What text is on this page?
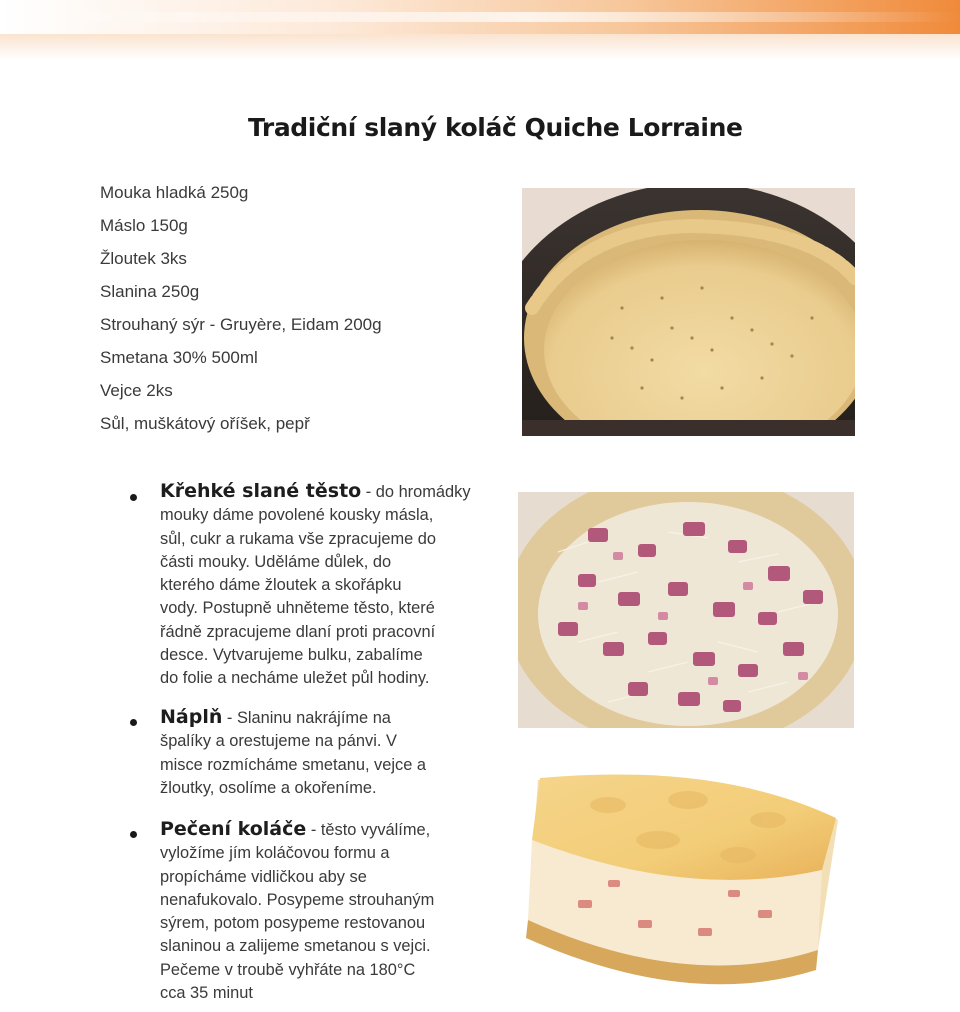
Tradiční slaný koláč Quiche Lorraine
Mouka hladká 250g
Máslo 150g
Žloutek 3ks
Slanina 250g
Strouhaný sýr - Gruyère, Eidam 200g
Smetana 30% 500ml
Vejce 2ks
Sůl, muškátový oříšek, pepř
Křehké slané těsto - do hromádky
mouky dáme povolené kousky másla,
sůl, cukr a rukama vše zpracujeme do
části mouky. Uděláme důlek, do
kterého dáme žloutek a skořápku
vody. Postupně uhněteme těsto, které
řádně zpracujeme dlaní proti pracovní
desce. Vytvarujeme bulku, zabalíme
do folie a necháme uležet půl hodiny.
Náplň - Slaninu nakrájíme na
špalíky a orestujeme na pánvi. V
misce rozmícháme smetanu, vejce a
žloutky, osolíme a okořeníme.
Pečení koláče - těsto vyválíme,
vyložíme jím koláčovou formu a
propícháme vidličkou aby se
nenafukovalo. Posypeme strouhaným
sýrem, potom posypeme restovanou
slaninou a zalijeme smetanou s vejci.
Pečeme v troubě vyhřáte na 180°C
cca 35 minut
